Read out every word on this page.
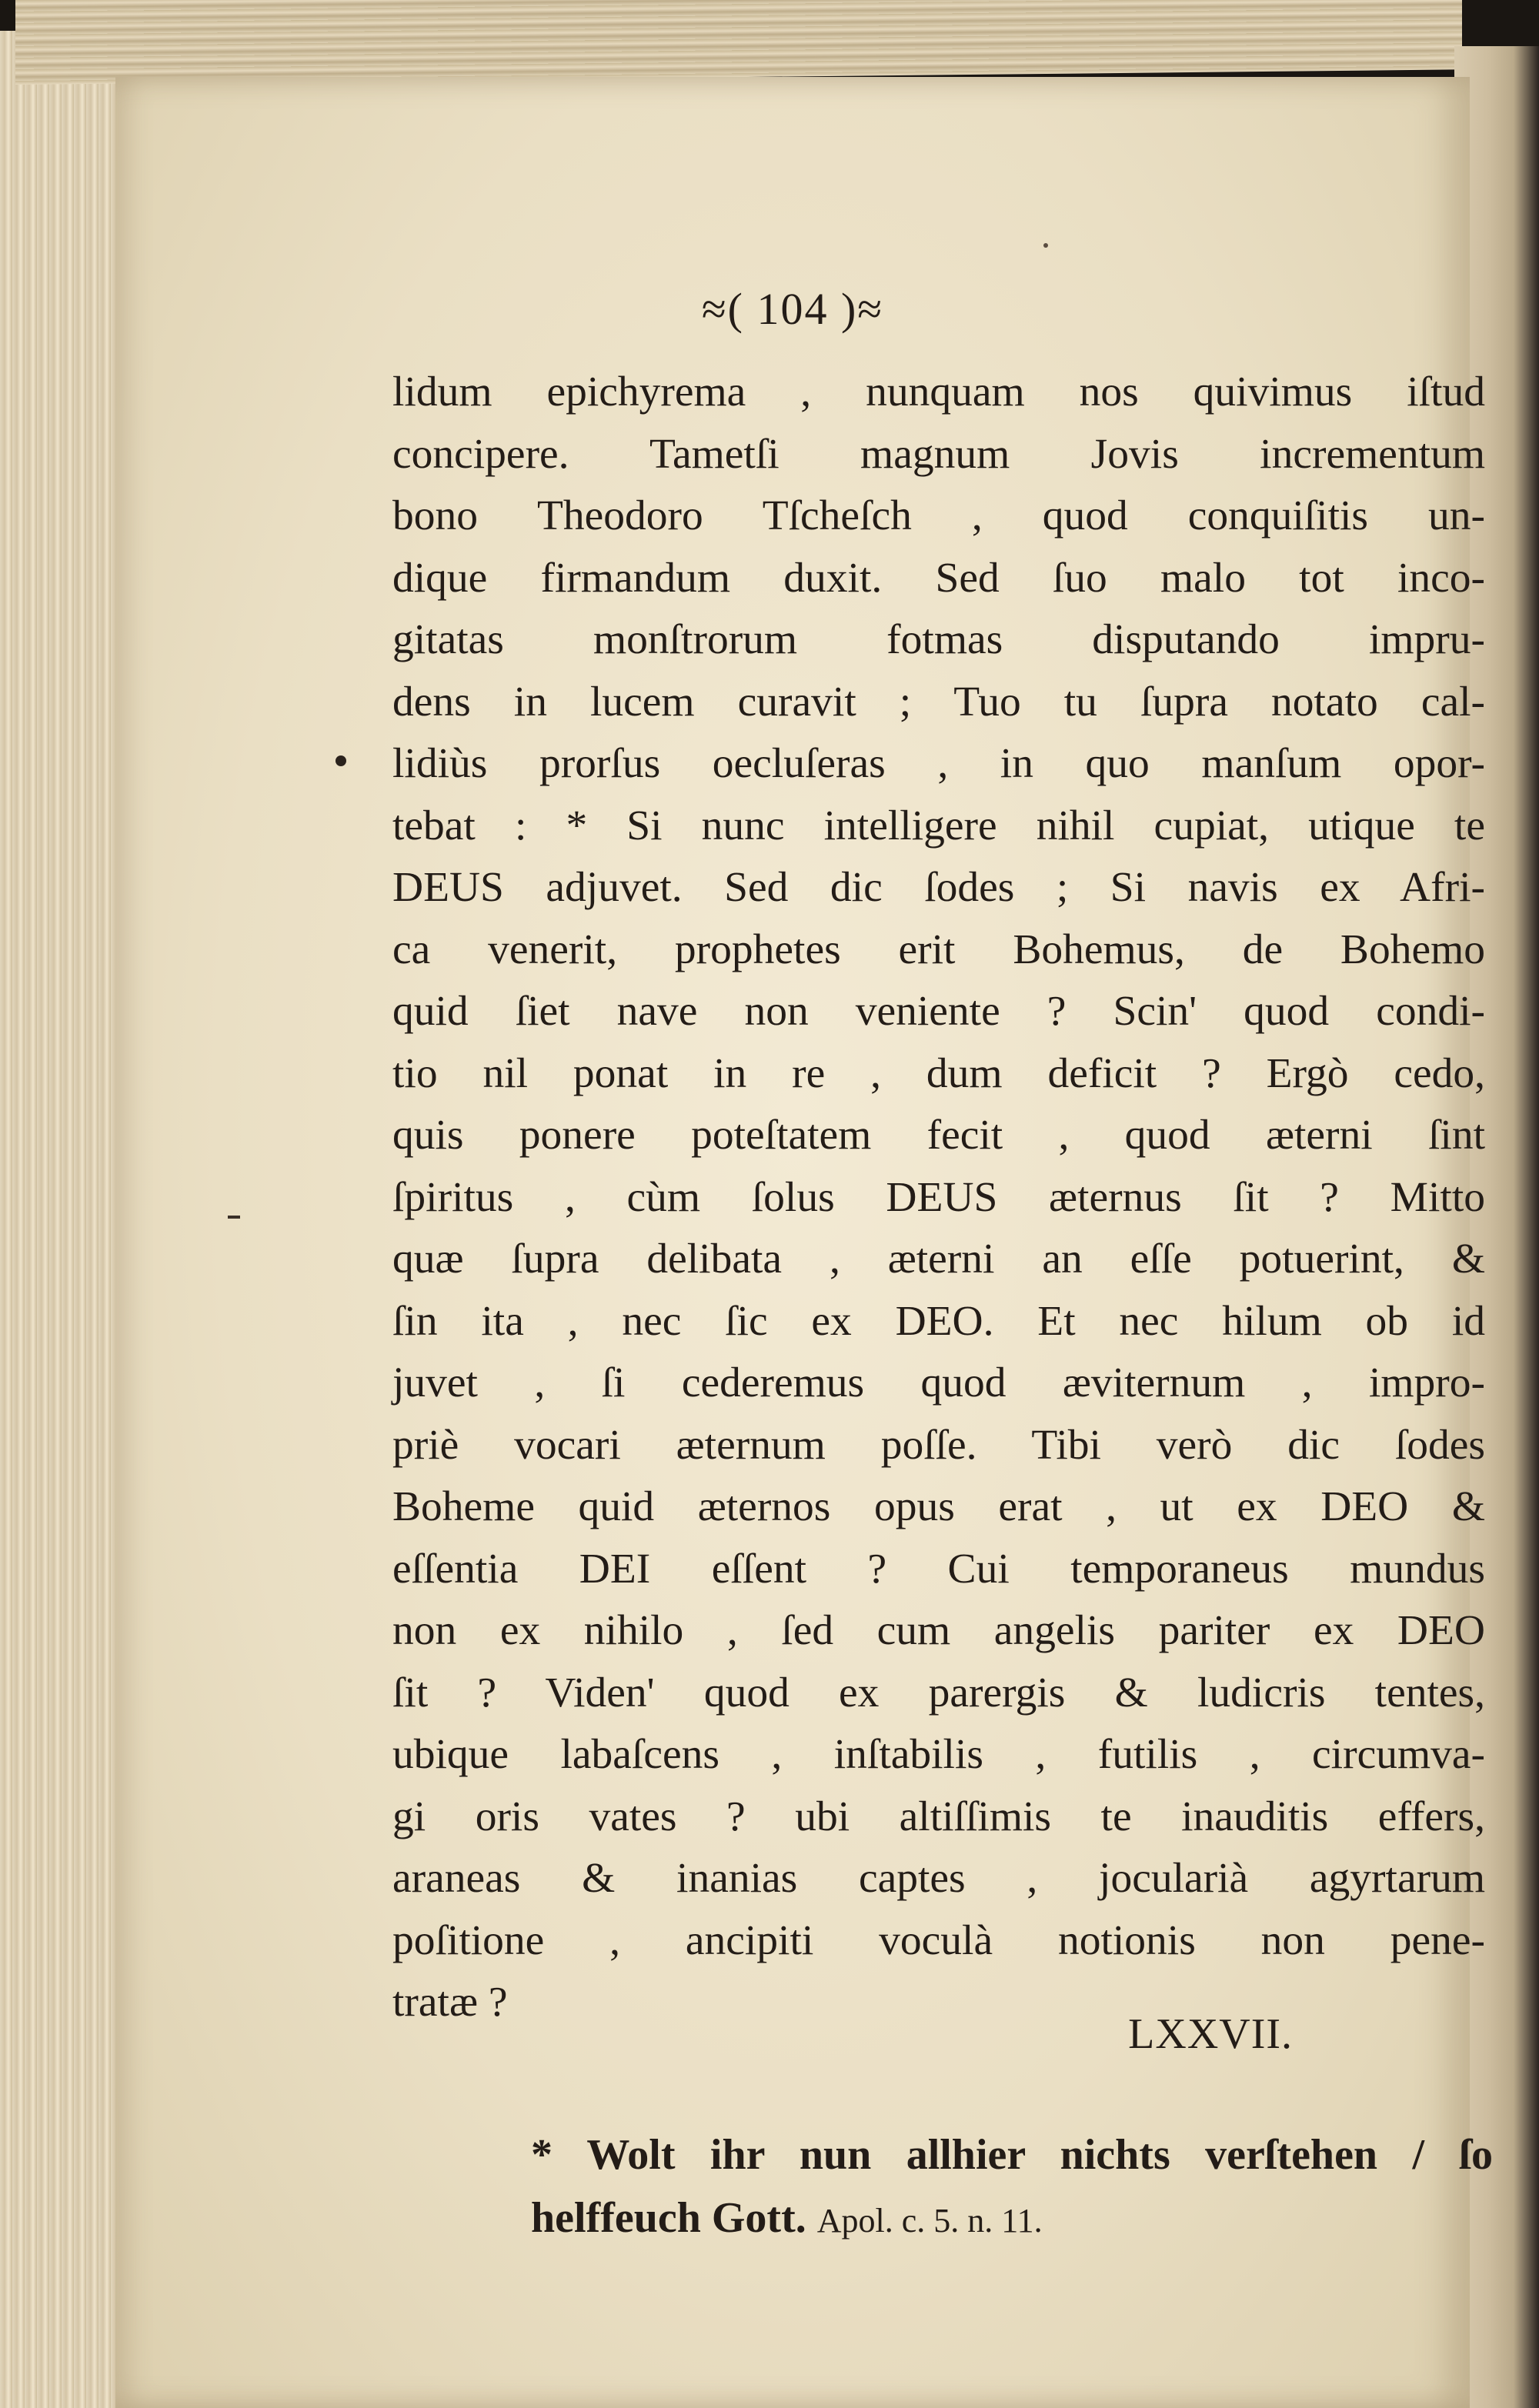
≈( 104 )≈
lidum epichyrema , nunquam nos quivimus iſtud
concipere. Tametſi magnum Jovis incrementum
bono Theodoro Tſcheſch , quod conquiſitis un-
dique firmandum duxit. Sed ſuo malo tot inco-
gitatas monſtrorum fotmas disputando impru-
dens in lucem curavit ; Tuo tu ſupra notato cal-
lidiùs prorſus oecluſeras , in quo manſum opor-
tebat : * Si nunc intelligere nihil cupiat, utique te
DEUS adjuvet. Sed dic ſodes ; Si navis ex Afri-
ca venerit, prophetes erit Bohemus, de Bohemo
quid ſiet nave non veniente ? Scin' quod condi-
tio nil ponat in re , dum deficit ? Ergò cedo,
quis ponere poteſtatem fecit , quod æterni ſint
ſpiritus , cùm ſolus DEUS æternus ſit ? Mitto
quæ ſupra delibata , æterni an eſſe potuerint, &
ſin ita , nec ſic ex DEO. Et nec hilum ob id
juvet , ſi cederemus quod æviternum , impro-
priè vocari æternum poſſe. Tibi verò dic ſodes
Boheme quid æternos opus erat , ut ex DEO &
eſſentia DEI eſſent ? Cui temporaneus mundus
non ex nihilo , ſed cum angelis pariter ex DEO
ſit ? Viden' quod ex parergis & ludicris tentes,
ubique labaſcens , inſtabilis , futilis , circumva-
gi oris vates ? ubi altiſſimis te inauditis effers,
araneas & inanias captes , jocularià agyrtarum
poſitione , ancipiti voculà notionis non pene-
tratæ ?
LXXVII.
* Wolt ihr nun allhier nichts verſtehen / ſo
helffeuch Gott. Apol. c. 5. n. 11.
